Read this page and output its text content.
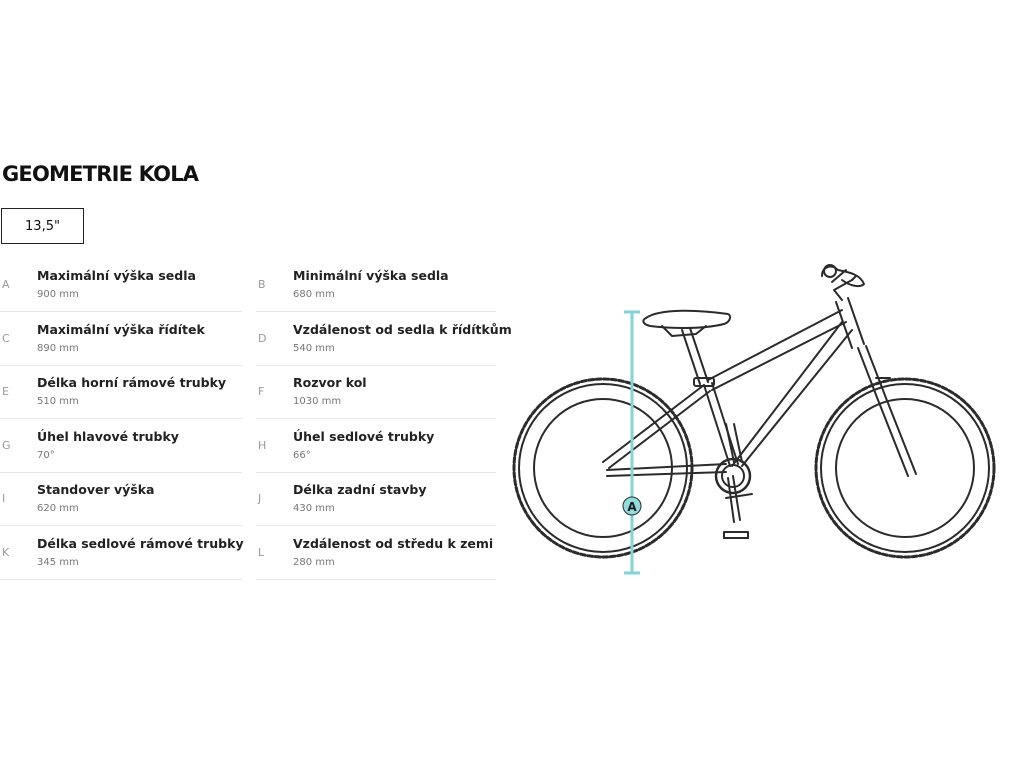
GEOMETRIE KOLA
13,5"
A
Maximální výška sedla
900 mm
B
Minimální výška sedla
680 mm
C
Maximální výška řídítek
890 mm
D
Vzdálenost od sedla k řídítkům
540 mm
E
Délka horní rámové trubky
510 mm
F
Rozvor kol
1030 mm
G
Úhel hlavové trubky
70°
H
Úhel sedlové trubky
66°
I
Standover výška
620 mm
J
Délka zadní stavby
430 mm
K
Délka sedlové rámové trubky
345 mm
L
Vzdálenost od středu k zemi
280 mm
A
